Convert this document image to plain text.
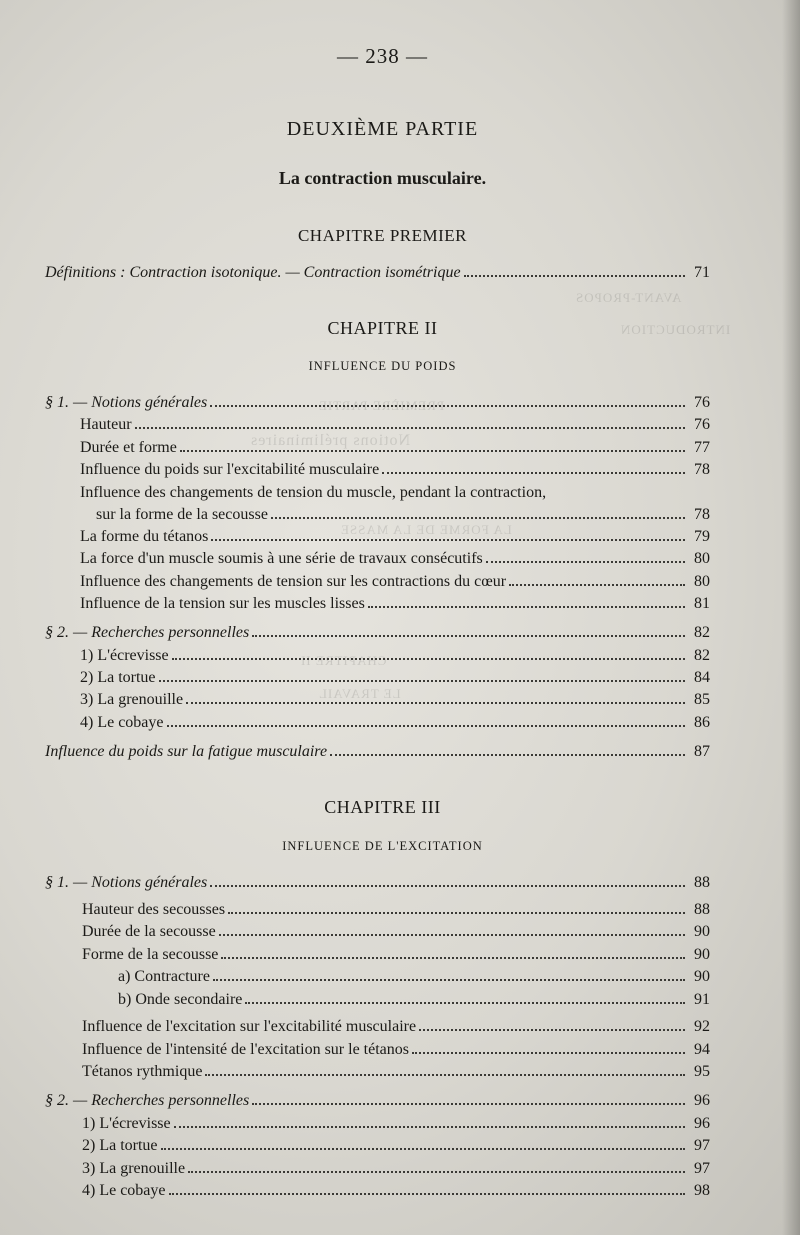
AVANT-PROPOS
INTRODUCTION
PREMIÈRE PARTIE
Notions préliminaires
LA FORME DE LA MASSE
CHAPITRE II
LE TRAVAIL
— 238 —
DEUXIÈME PARTIE
La contraction musculaire.
CHAPITRE PREMIER
Définitions : Contraction isotonique. — Contraction isométrique	71
CHAPITRE II
INFLUENCE DU POIDS
§ 1. — Notions générales	76
Hauteur	76
Durée et forme	77
Influence du poids sur l'excitabilité musculaire	78
Influence des changements de tension du muscle, pendant la contraction,
sur la forme de la secousse	78
La forme du tétanos	79
La force d'un muscle soumis à une série de travaux consécutifs	80
Influence des changements de tension sur les contractions du cœur	80
Influence de la tension sur les muscles lisses	81
§ 2. — Recherches personnelles	82
1) L'écrevisse	82
2) La tortue	84
3) La grenouille	85
4) Le cobaye	86
Influence du poids sur la fatigue musculaire	87
CHAPITRE III
INFLUENCE DE L'EXCITATION
§ 1. — Notions générales	88
Hauteur des secousses	88
Durée de la secousse	90
Forme de la secousse	90
a) Contracture	90
b) Onde secondaire	91
Influence de l'excitation sur l'excitabilité musculaire	92
Influence de l'intensité de l'excitation sur le tétanos	94
Tétanos rythmique	95
§ 2. — Recherches personnelles	96
1) L'écrevisse	96
2) La tortue	97
3) La grenouille	97
4) Le cobaye	98
